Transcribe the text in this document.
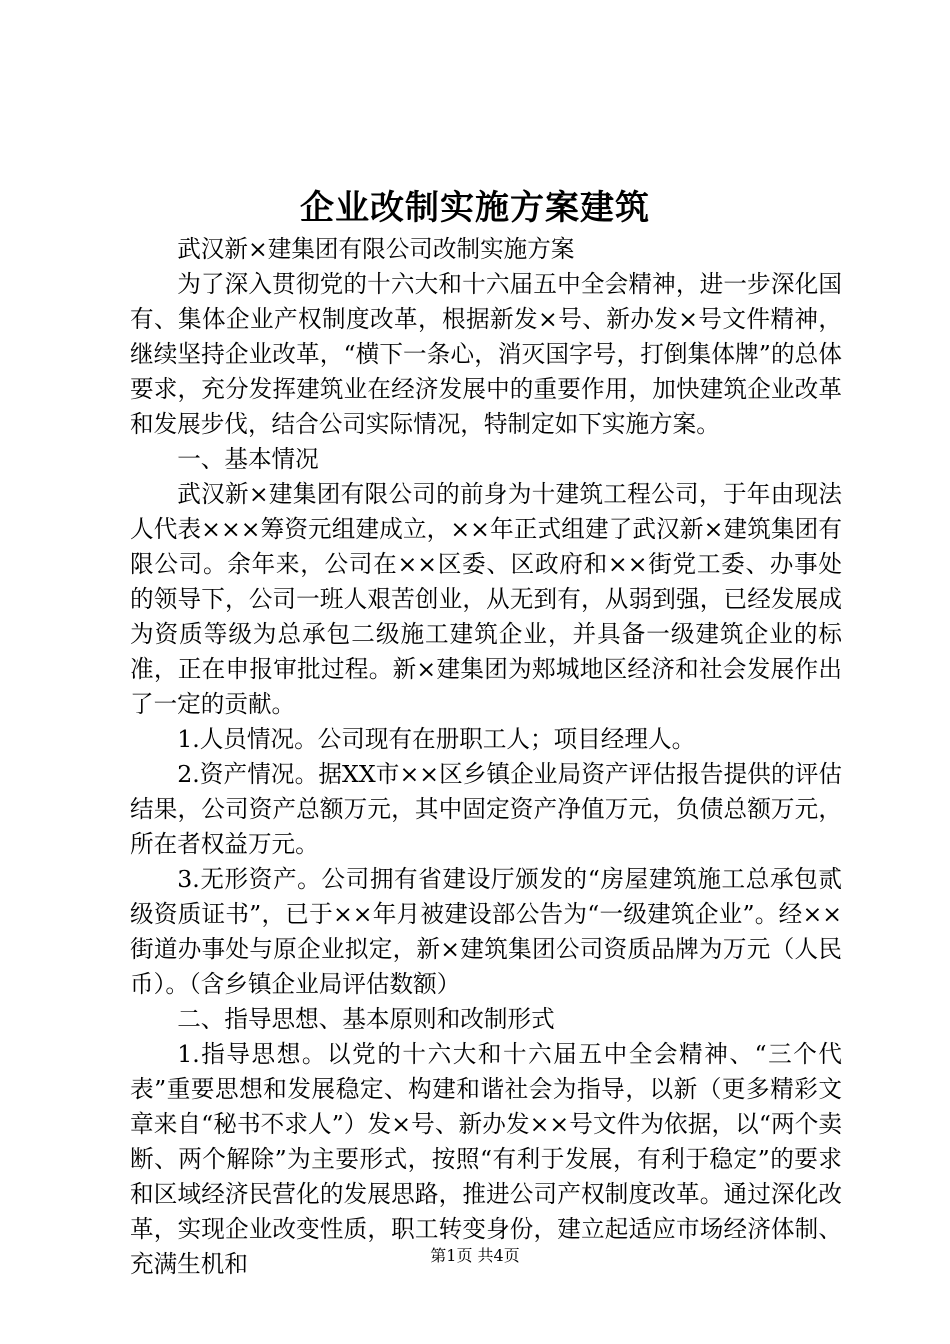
企业改制实施方案建筑

武汉新×建集团有限公司改制实施方案

为了深入贯彻党的十六大和十六届五中全会精神，进一步深化国有、集体企业产权制度改革，根据新发×号、新办发×号文件精神，继续坚持企业改革，“横下一条心，消灭国字号，打倒集体牌”的总体要求，充分发挥建筑业在经济发展中的重要作用，加快建筑企业改革和发展步伐，结合公司实际情况，特制定如下实施方案。

一、基本情况

武汉新×建集团有限公司的前身为十建筑工程公司，于年由现法人代表×××筹资元组建成立，××年正式组建了武汉新×建筑集团有限公司。余年来，公司在××区委、区政府和××街党工委、办事处的领导下，公司一班人艰苦创业，从无到有，从弱到强，已经发展成为资质等级为总承包二级施工建筑企业，并具备一级建筑企业的标准，正在申报审批过程。新×建集团为郏城地区经济和社会发展作出了一定的贡献。

1.人员情况。公司现有在册职工人；项目经理人。

2.资产情况。据XX市××区乡镇企业局资产评估报告提供的评估结果，公司资产总额万元，其中固定资产净值万元，负债总额万元，所在者权益万元。

3.无形资产。公司拥有省建设厅颁发的“房屋建筑施工总承包贰级资质证书”，已于××年月被建设部公告为“一级建筑企业”。经××街道办事处与原企业拟定，新×建筑集团公司资质品牌为万元（人民币）。（含乡镇企业局评估数额）

二、指导思想、基本原则和改制形式

1.指导思想。以党的十六大和十六届五中全会精神、“三个代表”重要思想和发展稳定、构建和谐社会为指导，以新（更多精彩文章来自“秘书不求人”）发×号、新办发××号文件为依据，以“两个卖断、两个解除”为主要形式，按照“有利于发展，有利于稳定”的要求和区域经济民营化的发展思路，推进公司产权制度改革。通过深化改革，实现企业改变性质，职工转变身份，建立起适应市场经济体制、充满生机和	第1页 共4页
